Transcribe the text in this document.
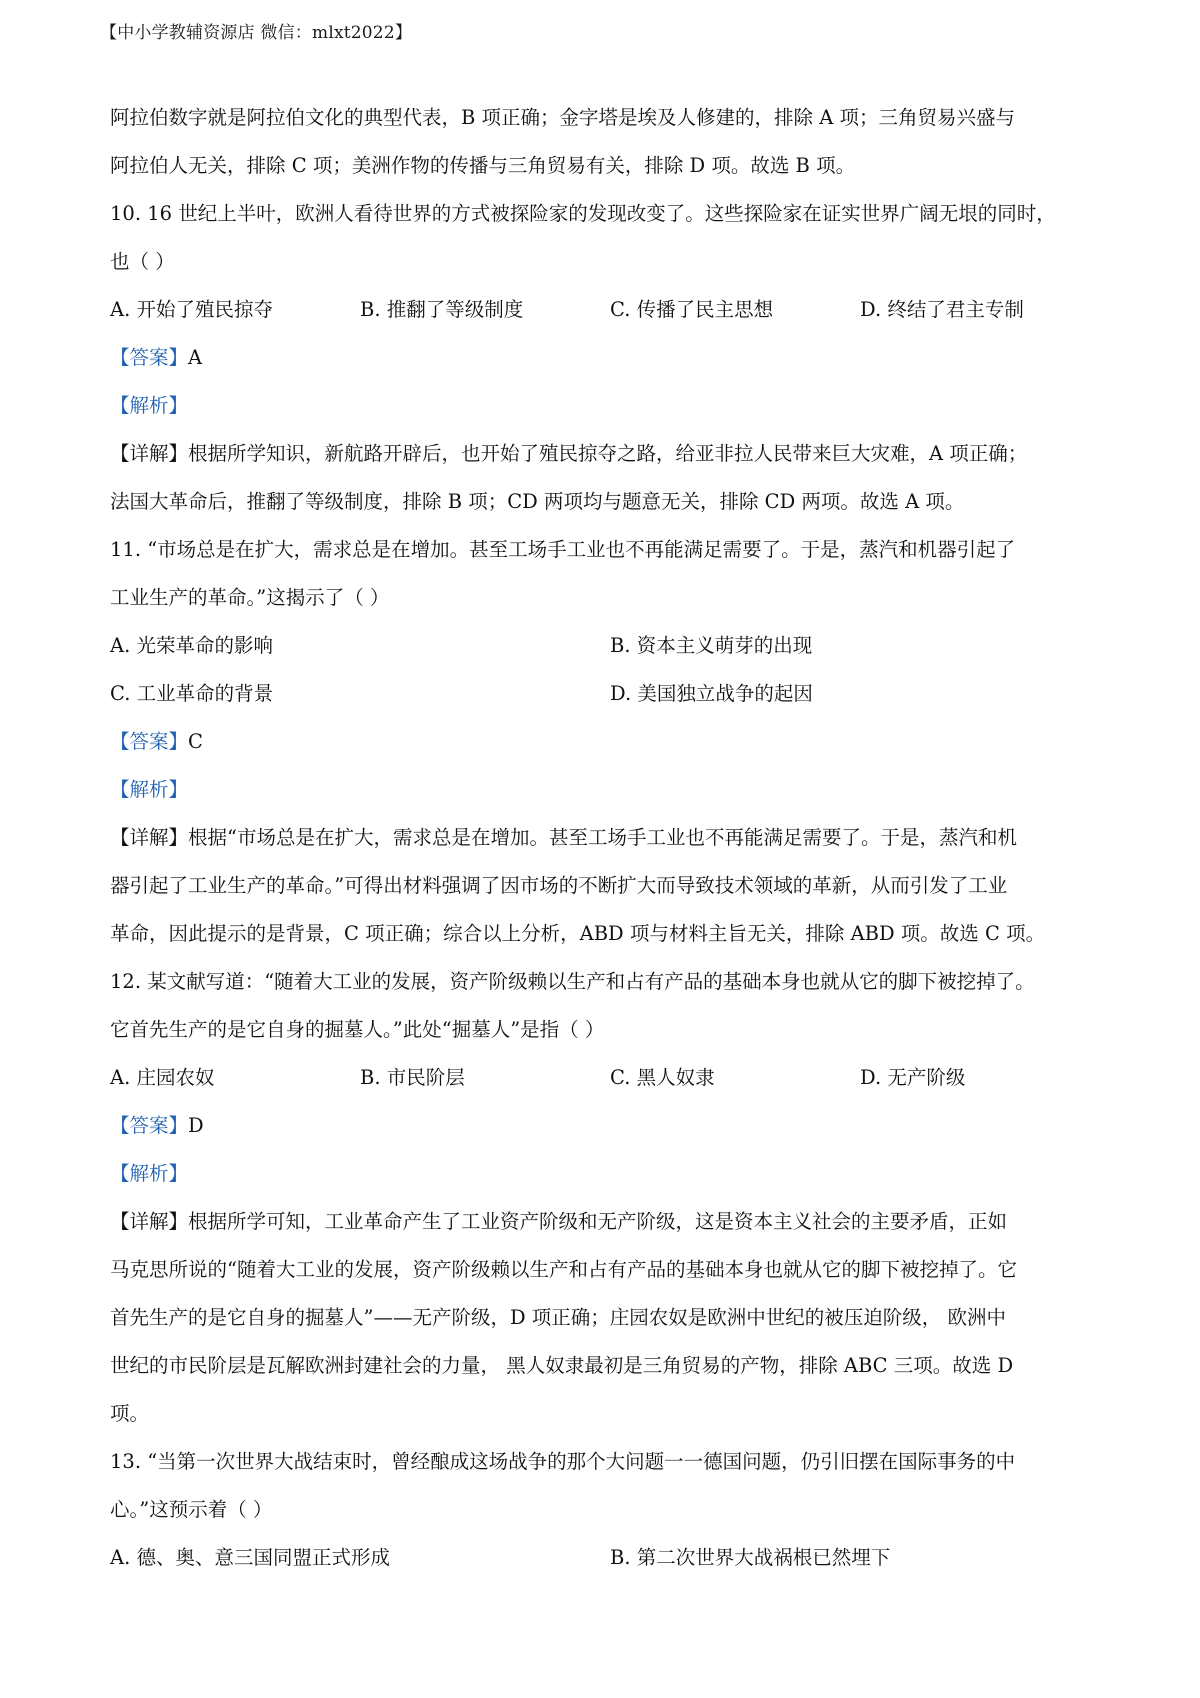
【中小学教辅资源店 微信：mlxt2022】
阿拉伯数字就是阿拉伯文化的典型代表，B 项正确；金字塔是埃及人修建的，排除 A 项；三角贸易兴盛与
阿拉伯人无关，排除 C 项；美洲作物的传播与三角贸易有关，排除 D 项。故选 B 项。
10. 16 世纪上半叶，欧洲人看待世界的方式被探险家的发现改变了。这些探险家在证实世界广阔无垠的同时，
也（ ）
A. 开始了殖民掠夺	B. 推翻了等级制度	C. 传播了民主思想	D. 终结了君主专制
【答案】A
【解析】
【详解】根据所学知识，新航路开辟后，也开始了殖民掠夺之路，给亚非拉人民带来巨大灾难，A 项正确；
法国大革命后，推翻了等级制度，排除 B 项；CD 两项均与题意无关，排除 CD 两项。故选 A 项。
11. “市场总是在扩大，需求总是在增加。甚至工场手工业也不再能满足需要了。于是，蒸汽和机器引起了
工业生产的革命。”这揭示了（ ）
A. 光荣革命的影响	B. 资本主义萌芽的出现
C. 工业革命的背景	D. 美国独立战争的起因
【答案】C
【解析】
【详解】根据“市场总是在扩大，需求总是在增加。甚至工场手工业也不再能满足需要了。于是，蒸汽和机
器引起了工业生产的革命。”可得出材料强调了因市场的不断扩大而导致技术领域的革新，从而引发了工业
革命，因此提示的是背景，C 项正确；综合以上分析，ABD 项与材料主旨无关，排除 ABD 项。故选 C 项。
12. 某文献写道：“随着大工业的发展，资产阶级赖以生产和占有产品的基础本身也就从它的脚下被挖掉了。
它首先生产的是它自身的掘墓人。”此处“掘墓人”是指（ ）
A. 庄园农奴	B. 市民阶层	C. 黑人奴隶	D. 无产阶级
【答案】D
【解析】
【详解】根据所学可知，工业革命产生了工业资产阶级和无产阶级，这是资本主义社会的主要矛盾，正如
马克思所说的“随着大工业的发展，资产阶级赖以生产和占有产品的基础本身也就从它的脚下被挖掉了。它
首先生产的是它自身的掘墓人”——无产阶级，D 项正确；庄园农奴是欧洲中世纪的被压迫阶级， 欧洲中
世纪的市民阶层是瓦解欧洲封建社会的力量， 黑人奴隶最初是三角贸易的产物，排除 ABC 三项。故选 D
项。
13. “当第一次世界大战结束时，曾经酿成这场战争的那个大问题一一德国问题，仍引旧摆在国际事务的中
心。”这预示着（ ）
A. 德、奥、意三国同盟正式形成	B. 第二次世界大战祸根已然埋下
